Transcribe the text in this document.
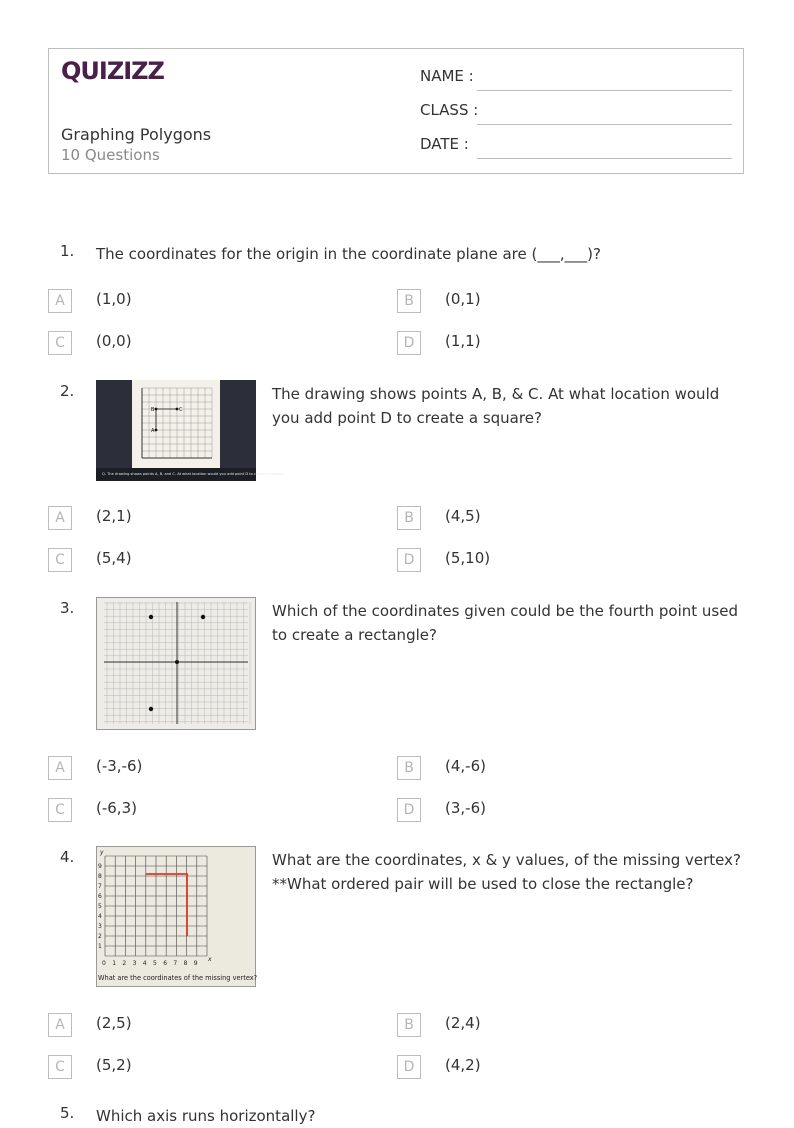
QUIZIZZ
Graphing Polygons
10 Questions
NAME :
CLASS :
DATE :
1. The coordinates for the origin in the coordinate plane are (___,___)?
A	(1,0)	B	(0,1)
C	(0,0)	D	(1,1)
2.
B	C
A
Q. The drawing shows points A, B, and C. At what location would you add point D to create a square?
The drawing shows points A, B, & C. At what location would you add point D to create a square?
A	(2,1)	B	(4,5)
C	(5,4)	D	(5,10)
3.	Which of the coordinates given could be the fourth point used to create a rectangle?
A	(-3,-6)	B	(4,-6)
C	(-6,3)	D	(3,-6)
4.	y
x
0 1 2 3 4 5 6 7 8 9
1
2
3
4
5
6
7
8
9
What are the coordinates of the missing vertex?
What are the coordinates, x & y values, of the missing vertex? **What ordered pair will be used to close the rectangle?
A	(2,5)	B	(2,4)
C	(5,2)	D	(4,2)
5. Which axis runs horizontally?
